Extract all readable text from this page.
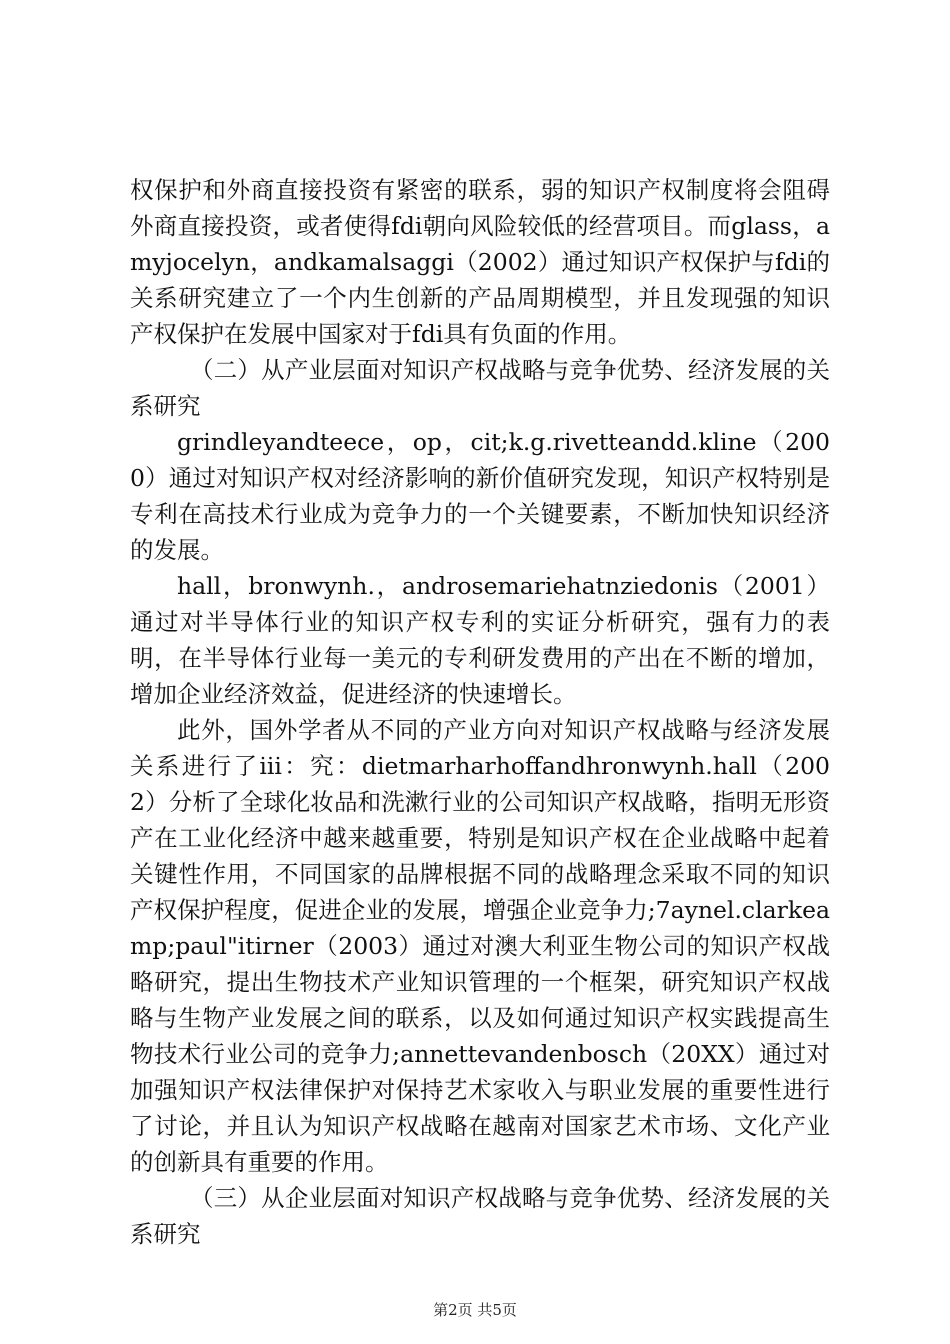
权保护和外商直接投资有紧密的联系，弱的知识产权制度将会阻碍外商直接投资，或者使得fdi朝向风险较低的经营项目。而glass，amyjocelyn，andkamalsaggi（2002）通过知识产权保护与fdi的关系研究建立了一个内生创新的产品周期模型，并且发现强的知识产权保护在发展中国家对于fdi具有负面的作用。

（二）从产业层面对知识产权战略与竞争优势、经济发展的关系研究

grindleyandteece，op，cit;k.g.rivetteandd.kline（2000）通过对知识产权对经济影响的新价值研究发现，知识产权特别是专利在高技术行业成为竞争力的一个关键要素，不断加快知识经济的发展。

hall，bronwynh.，androsemariehatnziedonis（2001）通过对半导体行业的知识产权专利的实证分析研究，强有力的表明，在半导体行业每一美元的专利研发费用的产出在不断的增加，增加企业经济效益，促进经济的快速增长。

此外，国外学者从不同的产业方向对知识产权战略与经济发展关系进行了iii：究：dietmarharhoffandhronwynh.hall（2002）分析了全球化妆品和洗漱行业的公司知识产权战略，指明无形资产在工业化经济中越来越重要，特别是知识产权在企业战略中起着关键性作用，不同国家的品牌根据不同的战略理念采取不同的知识产权保护程度，促进企业的发展，增强企业竞争力;7aynel.clarkeamp;paul"itirner（2003）通过对澳大利亚生物公司的知识产权战略研究，提出生物技术产业知识管理的一个框架，研究知识产权战略与生物产业发展之间的联系，以及如何通过知识产权实践提高生物技术行业公司的竞争力;annettevandenbosch（20XX）通过对加强知识产权法律保护对保持艺术家收入与职业发展的重要性进行了讨论，并且认为知识产权战略在越南对国家艺术市场、文化产业的创新具有重要的作用。

（三）从企业层面对知识产权战略与竞争优势、经济发展的关系研究

第2页 共5页
